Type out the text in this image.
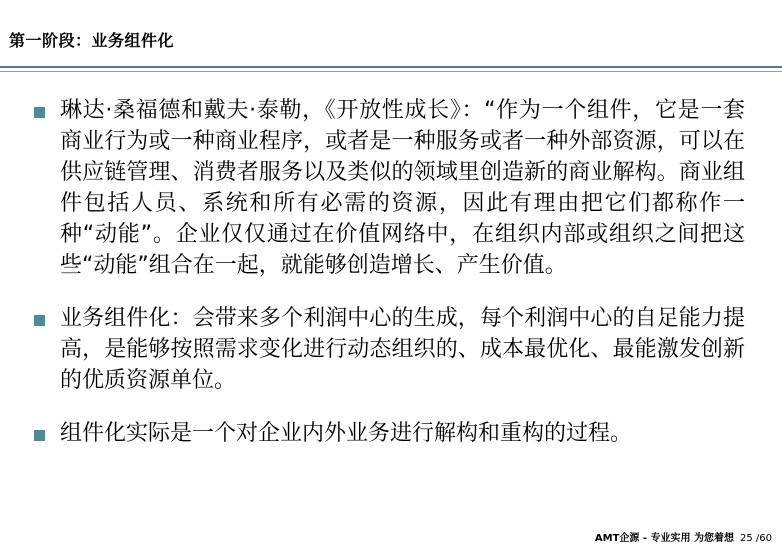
第一阶段：业务组件化
琳达·桑福德和戴夫·泰勒，《开放性成长》：“作为一个组件，它是一套商业行为或一种商业程序，或者是一种服务或者一种外部资源，可以在供应链管理、消费者服务以及类似的领域里创造新的商业解构。商业组件包括人员、系统和所有必需的资源，因此有理由把它们都称作一种“动能”。企业仅仅通过在价值网络中，在组织内部或组织之间把这些“动能”组合在一起，就能够创造增长、产生价值。
业务组件化：会带来多个利润中心的生成，每个利润中心的自足能力提高，是能够按照需求变化进行动态组织的、成本最优化、最能激发创新的优质资源单位。
组件化实际是一个对企业内外业务进行解构和重构的过程。
AMT企源 - 专业实用 为您着想 25 /60
